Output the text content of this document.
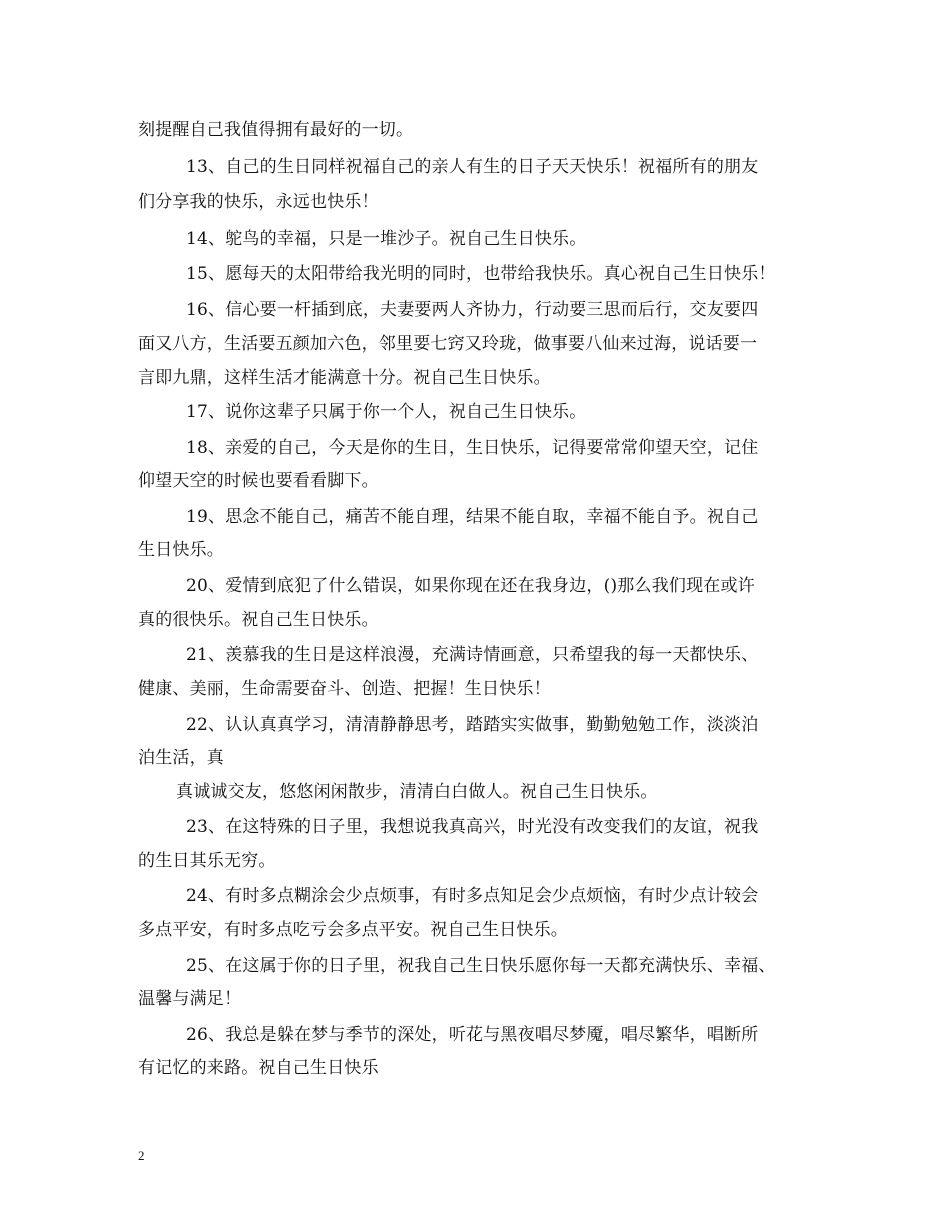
刻提醒自己我值得拥有最好的一切。
13、自己的生日同样祝福自己的亲人有生的日子天天快乐！祝福所有的朋友
们分享我的快乐，永远也快乐！
14、鸵鸟的幸福，只是一堆沙子。祝自己生日快乐。
15、愿每天的太阳带给我光明的同时，也带给我快乐。真心祝自己生日快乐！
16、信心要一杆插到底，夫妻要两人齐协力，行动要三思而后行，交友要四
面又八方，生活要五颜加六色，邻里要七窍又玲珑，做事要八仙来过海，说话要一
言即九鼎，这样生活才能满意十分。祝自己生日快乐。
17、说你这辈子只属于你一个人，祝自己生日快乐。
18、亲爱的自己，今天是你的生日，生日快乐，记得要常常仰望天空，记住
仰望天空的时候也要看看脚下。
19、思念不能自己，痛苦不能自理，结果不能自取，幸福不能自予。祝自己
生日快乐。
20、爱情到底犯了什么错误，如果你现在还在我身边，()那么我们现在或许
真的很快乐。祝自己生日快乐。
21、羡慕我的生日是这样浪漫，充满诗情画意，只希望我的每一天都快乐、
健康、美丽，生命需要奋斗、创造、把握！生日快乐！
22、认认真真学习，清清静静思考，踏踏实实做事，勤勤勉勉工作，淡淡泊
泊生活，真
真诚诚交友，悠悠闲闲散步，清清白白做人。祝自己生日快乐。
23、在这特殊的日子里，我想说我真高兴，时光没有改变我们的友谊，祝我
的生日其乐无穷。
24、有时多点糊涂会少点烦事，有时多点知足会少点烦恼，有时少点计较会
多点平安，有时多点吃亏会多点平安。祝自己生日快乐。
25、在这属于你的日子里，祝我自己生日快乐愿你每一天都充满快乐、幸福、
温馨与满足！
26、我总是躲在梦与季节的深处，听花与黑夜唱尽梦魇，唱尽繁华，唱断所
有记忆的来路。祝自己生日快乐
2
